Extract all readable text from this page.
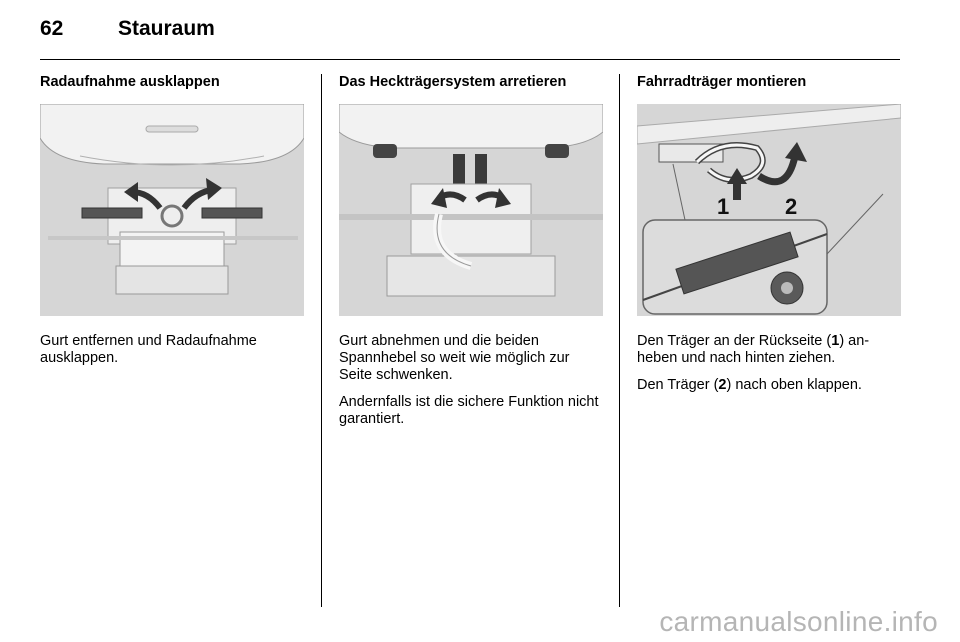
62	Stauraum
Radaufnahme ausklappen

Gurt entfernen und Radaufnahme ausklappen.

Das Heckträgersystem arretieren

Gurt abnehmen und die beiden Spannhebel so weit wie möglich zur Seite schwenken.

Andernfalls ist die sichere Funktion nicht garantiert.

Fahrradträger montieren
1	2

Den Träger an der Rückseite (1) an-heben und nach hinten ziehen.

Den Träger (2) nach oben klappen.

carmanualsonline.info
